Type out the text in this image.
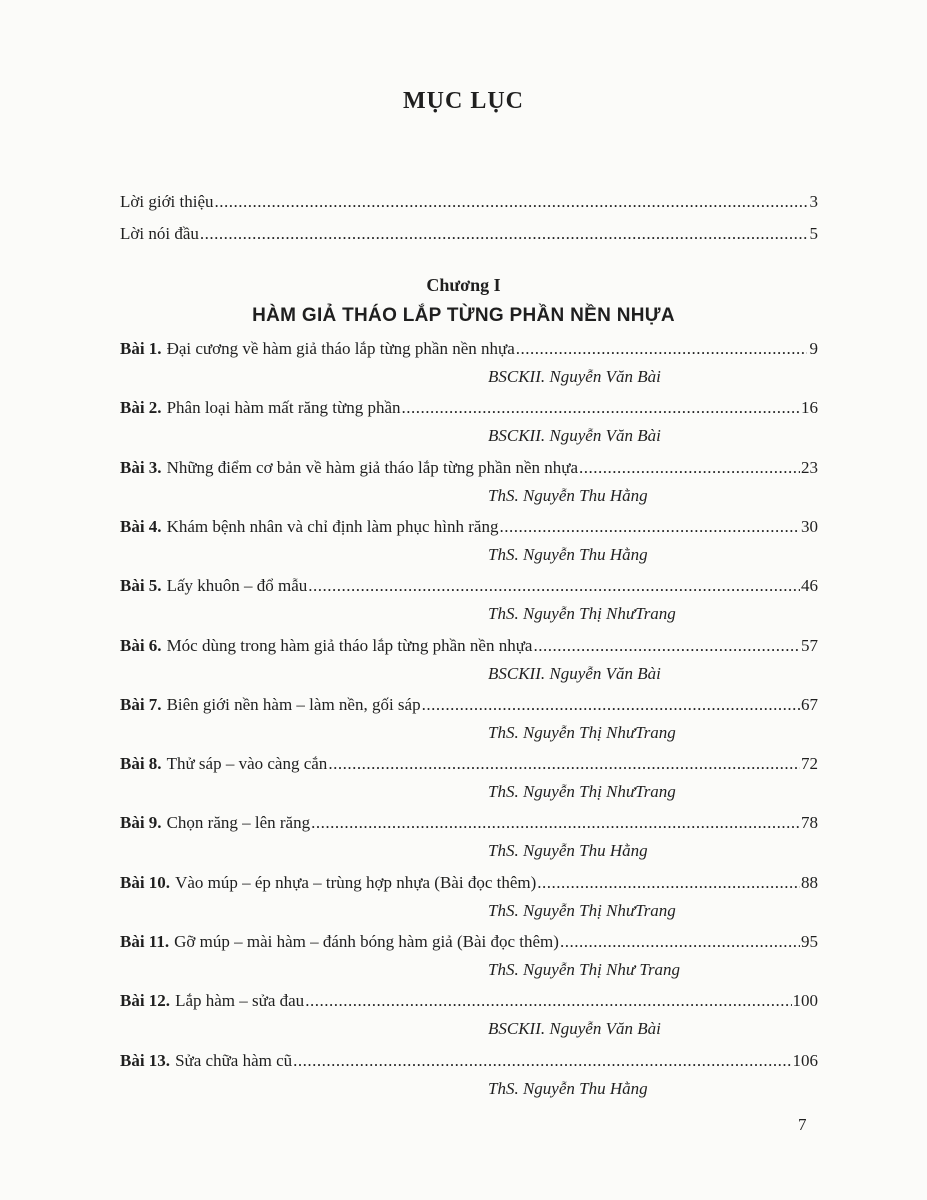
MỤC LỤC
Lời giới thiệu .....	3
Lời nói đầu .....	5
Chương I
HÀM GIẢ THÁO LẮP TỪNG PHẦN NỀN NHỰA
Bài 1. Đại cương về hàm giả tháo lắp từng phần nền nhựa .....	9
BSCKII. Nguyễn Văn Bài
Bài 2. Phân loại hàm mất răng từng phần .....	16
BSCKII. Nguyễn Văn Bài
Bài 3. Những điểm cơ bản về hàm giả tháo lắp từng phần nền nhựa .....	23
ThS. Nguyễn Thu Hằng
Bài 4. Khám bệnh nhân và chỉ định làm phục hình răng .....	30
ThS. Nguyễn Thu Hằng
Bài 5. Lấy khuôn – đổ mẫu .....	46
ThS. Nguyễn Thị NhưTrang
Bài 6. Móc dùng trong hàm giả tháo lắp từng phần nền nhựa .....	57
BSCKII. Nguyễn Văn Bài
Bài 7. Biên giới nền hàm – làm nền, gối sáp .....	67
ThS. Nguyễn Thị NhưTrang
Bài 8. Thử sáp – vào càng cắn .....	72
ThS. Nguyễn Thị NhưTrang
Bài 9. Chọn răng – lên răng .....	78
ThS. Nguyễn Thu Hằng
Bài 10. Vào múp – ép nhựa – trùng hợp nhựa (Bài đọc thêm) .....	88
ThS. Nguyễn Thị NhưTrang
Bài 11. Gỡ múp – mài hàm – đánh bóng hàm giả (Bài đọc thêm) .....	95
ThS. Nguyễn Thị Như Trang
Bài 12. Lắp hàm – sửa đau .....	100
BSCKII. Nguyễn Văn Bài
Bài 13. Sửa chữa hàm cũ .....	106
ThS. Nguyễn Thu Hằng
7
